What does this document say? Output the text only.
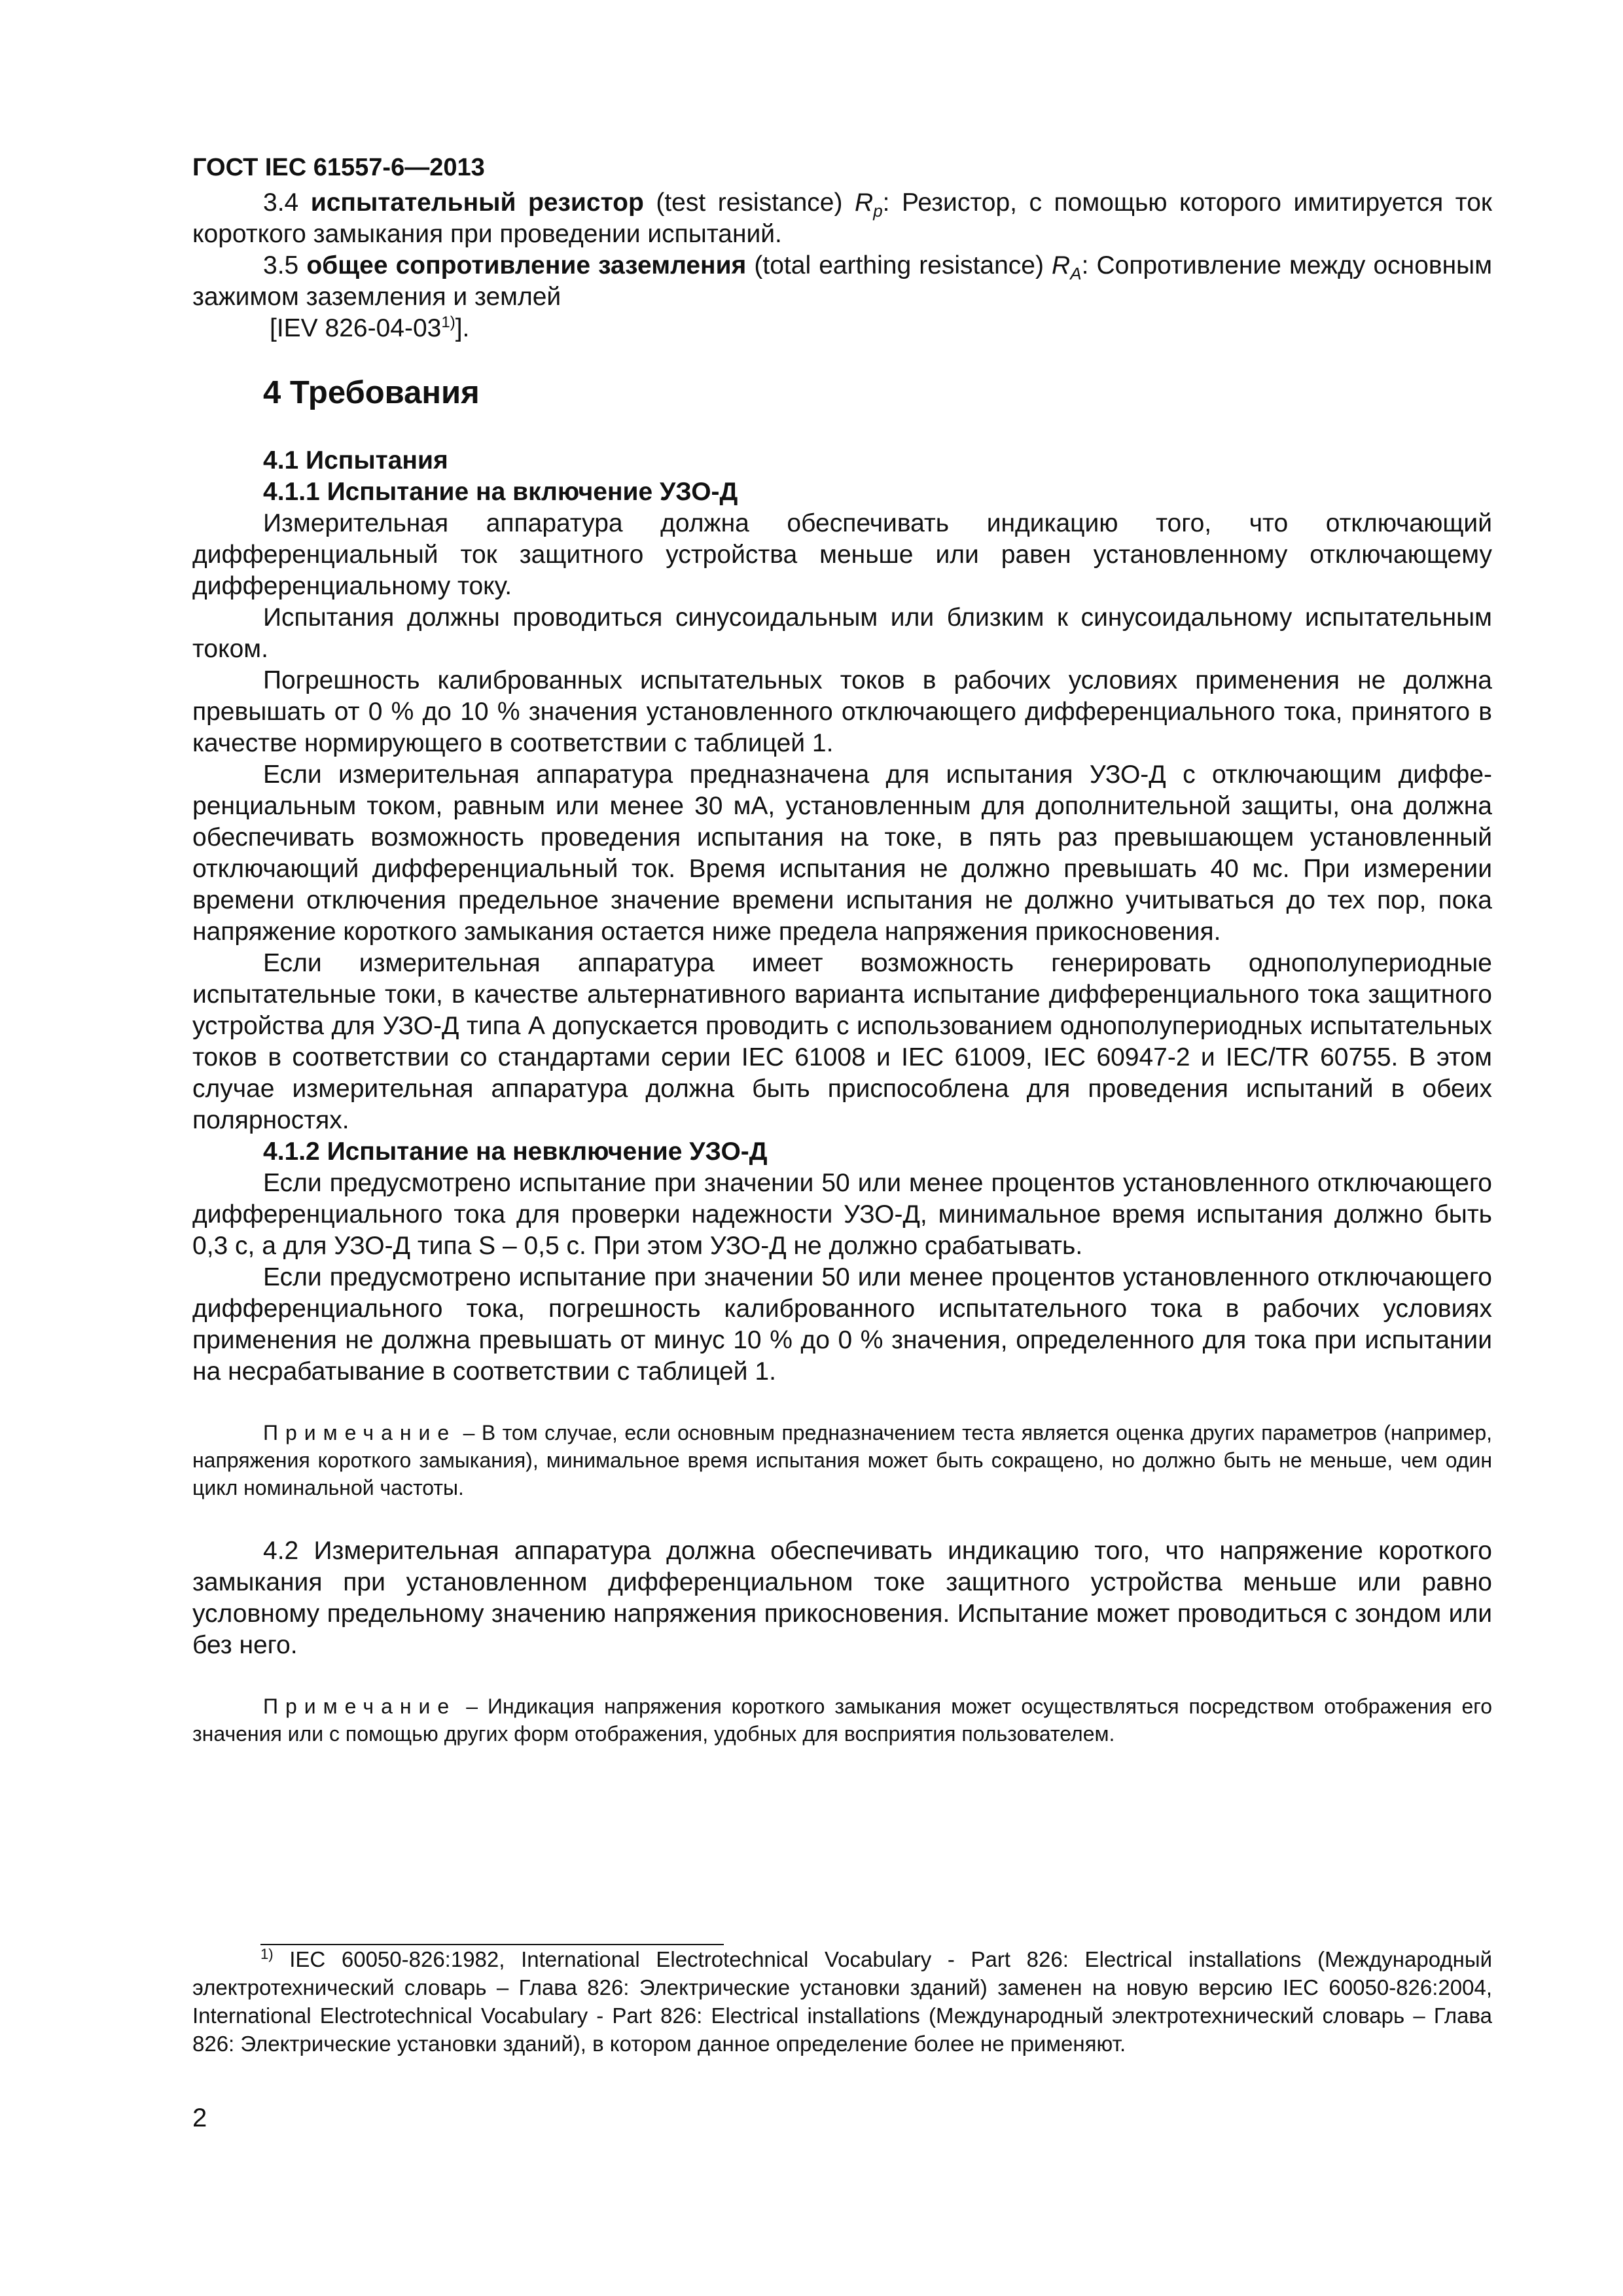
ГОСТ IEC 61557-6—2013

3.4 испытательный резистор (test resistance) $R_p$: Резистор, с помощью которого имитируется ток короткого замыкания при проведении испытаний.

3.5 общее сопротивление заземления (total earthing resistance) $R_A$: Сопротивление между основным зажимом заземления и землей

[IEV 826-04-03$^{1)}$].

4 Требования
4.1 Испытания
4.1.1 Испытание на включение УЗО-Д

Измерительная аппаратура должна обеспечивать индикацию того, что отключающий дифференциальный ток защитного устройства меньше или равен установленному отключающему дифференциальному току.

Испытания должны проводиться синусоидальным или близким к синусоидальному испытательным током.

Погрешность калиброванных испытательных токов в рабочих условиях применения не должна превышать от 0 % до 10 % значения установленного отключающего дифференциального тока, принятого в качестве нормирующего в соответствии с таблицей 1.

Если измерительная аппаратура предназначена для испытания УЗО-Д с отключающим диффе-ренциальным током, равным или менее 30 мА, установленным для дополнительной защиты, она должна обеспечивать возможность проведения испытания на токе, в пять раз превышающем установленный отключающий дифференциальный ток. Время испытания не должно превышать 40 мс. При измерении времени отключения предельное значение времени испытания не должно учитываться до тех пор, пока напряжение короткого замыкания остается ниже предела напряжения прикосновения.

Если измерительная аппаратура имеет возможность генерировать однополупериодные испытательные токи, в качестве альтернативного варианта испытание дифференциального тока защитного устройства для УЗО-Д типа А допускается проводить с использованием однополупериодных испытательных токов в соответствии со стандартами серии IEC 61008 и IEC 61009, IEC 60947-2 и IEC/TR 60755. В этом случае измерительная аппаратура должна быть приспособлена для проведения испытаний в обеих полярностях.

4.1.2 Испытание на невключение УЗО-Д

Если предусмотрено испытание при значении 50 или менее процентов установленного отключающего дифференциального тока для проверки надежности УЗО-Д, минимальное время испытания должно быть 0,3 с, а для УЗО-Д типа S – 0,5 с. При этом УЗО-Д не должно срабатывать.

Если предусмотрено испытание при значении 50 или менее процентов установленного отключающего дифференциального тока, погрешность калиброванного испытательного тока в рабочих условиях применения не должна превышать от минус 10 % до 0 % значения, определенного для тока при испытании на несрабатывание в соответствии с таблицей 1.

Примечание – В том случае, если основным предназначением теста является оценка других параметров (например, напряжения короткого замыкания), минимальное время испытания может быть сокращено, но должно быть не меньше, чем один цикл номинальной частоты.

4.2 Измерительная аппаратура должна обеспечивать индикацию того, что напряжение короткого замыкания при установленном дифференциальном токе защитного устройства меньше или равно условному предельному значению напряжения прикосновения. Испытание может проводиться с зондом или без него.

Примечание – Индикация напряжения короткого замыкания может осуществляться посредством отображения его значения или с помощью других форм отображения, удобных для восприятия пользователем.
$^{1)}$ IEC 60050-826:1982, International Electrotechnical Vocabulary - Part 826: Electrical installations (Международный электротехнический словарь – Глава 826: Электрические установки зданий) заменен на новую версию IEC 60050-826:2004, International Electrotechnical Vocabulary - Part 826: Electrical installations (Международный электротехнический словарь – Глава 826: Электрические установки зданий), в котором данное определение более не применяют.
2
